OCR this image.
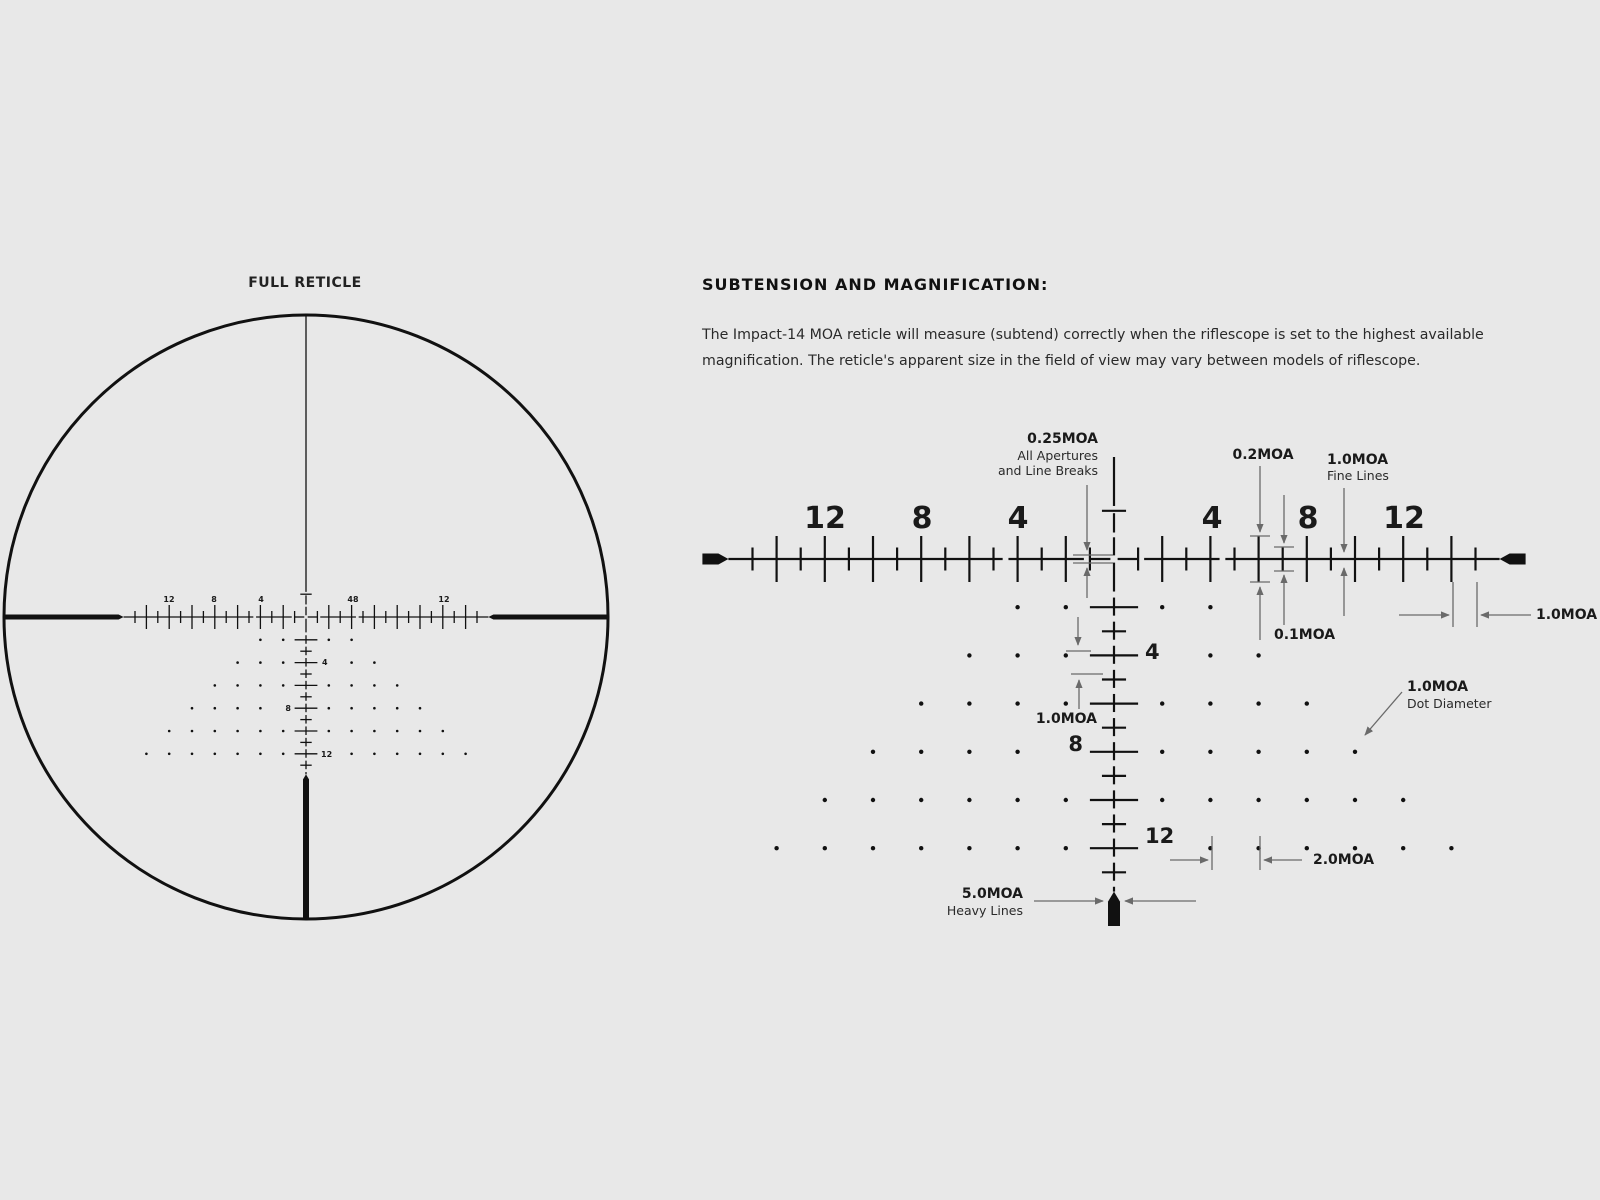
FULL RETICLE	SUBTENSION AND MAGNIFICATION:
The Impact-14 MOA reticle will measure (subtend) correctly when the riflescope is set to the highest available magnification. The reticle's apparent size in the field of view may vary between models of riflescope.
12	8	4	48	12
4
8
12
12 8	4	4	8 12
4
8
12
0.25MOA
All Apertures
and Line Breaks
0.2MOA 1.0MOA
Fine Lines
0.1MOA
1.0MOA
1.0MOA
Dot Diameter
1.0MOA
2.0MOA
5.0MOA
Heavy Lines
